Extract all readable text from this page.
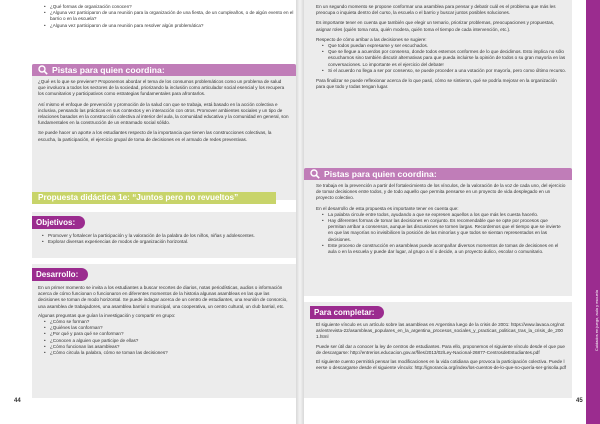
• ¿Qué formas de organización conocen?
• ¿Alguna vez participaron de una reunión para la organización de una fiesta, de un cumpleaños, o de algún evento en el barrio o en la escuela?
• ¿Alguna vez participaron de una reunión para resolver algún problemática?
Pistas para quien coordina:

¿Qué es lo que se previene? Proponemos abordar el tema de los consumos problemáticos como un problema de salud que involucra a todos los sectores de la sociedad, priorizando la inclusión como articulador social esencial y los recupera los comunitarios y participativos como estrategias fundamentales para afrontarlos.

Así mismo el enfoque de prevención y promoción de la salud con que se trabaja, está basado en la acción colectiva e inclusiva, pensando las prácticas en sus contextos y en interacción con otros. Promover ambientes sociales y un tipo de relaciones basados en la construcción colectiva al interior del aula, la comunidad educativa y la comunidad en general, son fundamentales en la construcción de un entramado social sólido.

Se puede hacer un aporte a los estudiantes respecto de la importancia que tienen las construcciones colectivas, la escucha, la participación, el ejercicio grupal de toma de decisiones en el armado de redes preventivas.

Propuesta didáctica 1e: “Juntos pero no revueltos”
Objetivos:
• Promover y fortalecer la participación y la valoración de la palabra de los niños, niñas y adolescentes.
• Explorar diversas experiencias de modos de organización horizontal.
Desarrollo:

En un primer momento se invita a los estudiantes a buscar recortes de diarios, notas periodísticas, audios o información acerca de cómo funcionan o funcionaron en diferentes momentos de la historia algunas asambleas en las que las decisiones se toman de modo horizontal. Se puede indagar acerca de un centro de estudiantes, una reunión de consorcio, una asamblea de trabajadores, una asamblea barrial o municipal, una cooperativa, un centro cultural, un club barrial, etc.

Algunas preguntas que guían la investigación y compartir en grupo:

• ¿Cómo se forman?
• ¿Quiénes las conforman?
• ¿Por qué y para qué se conforman?
• ¿Conocen a alguien que participe de ellas?
• ¿Cómo funcionan las asambleas?
• ¿Cómo circula la palabra, cómo se toman las decisiones?
44

En un segundo momento se propone conformar una asamblea para pensar y debatir cuál es el problema que más les preocupa o inquieta dentro del curso, la escuela o el barrio y buscar juntos posibles soluciones.

Es importante tener en cuenta que también que elegir un temario, priorizar problemas, preocupaciones y propuestas, asignar roles (quién toma nota, quién modera, quién toma el tiempo de cada intervención, etc.).

Respecto de cómo arribar a las decisiones se sugiere:

• Que todos puedan expresarse y ser escuchados.
• Que se llegue a acuerdos por consenso, donde todos estemos conformes de lo que decidimos. Esto implica no sólo escucharnos sino también discutir alternativas para que pueda incluirse la opinión de todos o su gran mayoría en las conversaciones. Lo importante es el ejercicio del debate!
• Si el acuerdo no llega a ser por consenso, se puede proceder a una votación por mayoría, pero como último recurso.

Para finalizar se puede reflexionar acerca de lo que pasó, cómo se sintieron, qué se podría mejorar en la organización para que todo y todas tengan lugar.

Pistas para quien coordina:

Se trabaja en la prevención a partir del fortalecimiento de los vínculos, de la valoración de la voz de cada uno, del ejercicio de tomar decisiones entre todos, y de todo aquello que permita pensarse en un proyecto de vida desplegado en un proyecto colectivo.

En el desarrollo de esta propuesta es importante tener en cuenta que:

• La palabra circule entre todos, ayudando a que se expresen aquellos a los que más les cuesta hacerlo.
• Hay diferentes formas de tomar las decisiones en conjunto. Es recomendable que se opte por procesos que permitan arribar a consensos, aunque las discusiones se tornen largas. Recordemos que el tiempo que se invierte en que las mayorías no invisibilicen la posición de las minorías y que todos se sientan representados en las decisiones.
• Este proceso de construcción en asambleas puede acompañar diversos momentos de tomas de decisiones en el aula o en la escuela y puede dar lugar, al grupo a sí o decide, a un proyecto áulico, escolar o comunitario.
Para completar:

El siguiente vínculo es un artículo sobre las asambleas en Argentina luego de la crisis de 2001: https://www.lavaca.org/notas/entrevista-22/asambleas_populares_en_la_argentina_procesos_sociales_y_practicas_politicas_tras_la_crisis_de_2001.html

Puede ser útil dar a conocer la ley de centros de estudiantes. Para ello, proponemos el siguiente vínculo desde el que puede descargarse: http://entrerios.educacion.gov.ar/files/2013/02/Ley-Nacional-26877-CentrosdeEstudiantes.pdf

El siguiente cuento permitirá pensar las modificaciones en la vida cotidiana que provoca la participación colectiva. Puede leerse o descargarse desde el siguiente vínculo: http://ignorancia.org/index/los-cuentos-de-lo-que-no-quería-ser-grisolia.pdf

45
Cuidados en juego, aula y escuela
